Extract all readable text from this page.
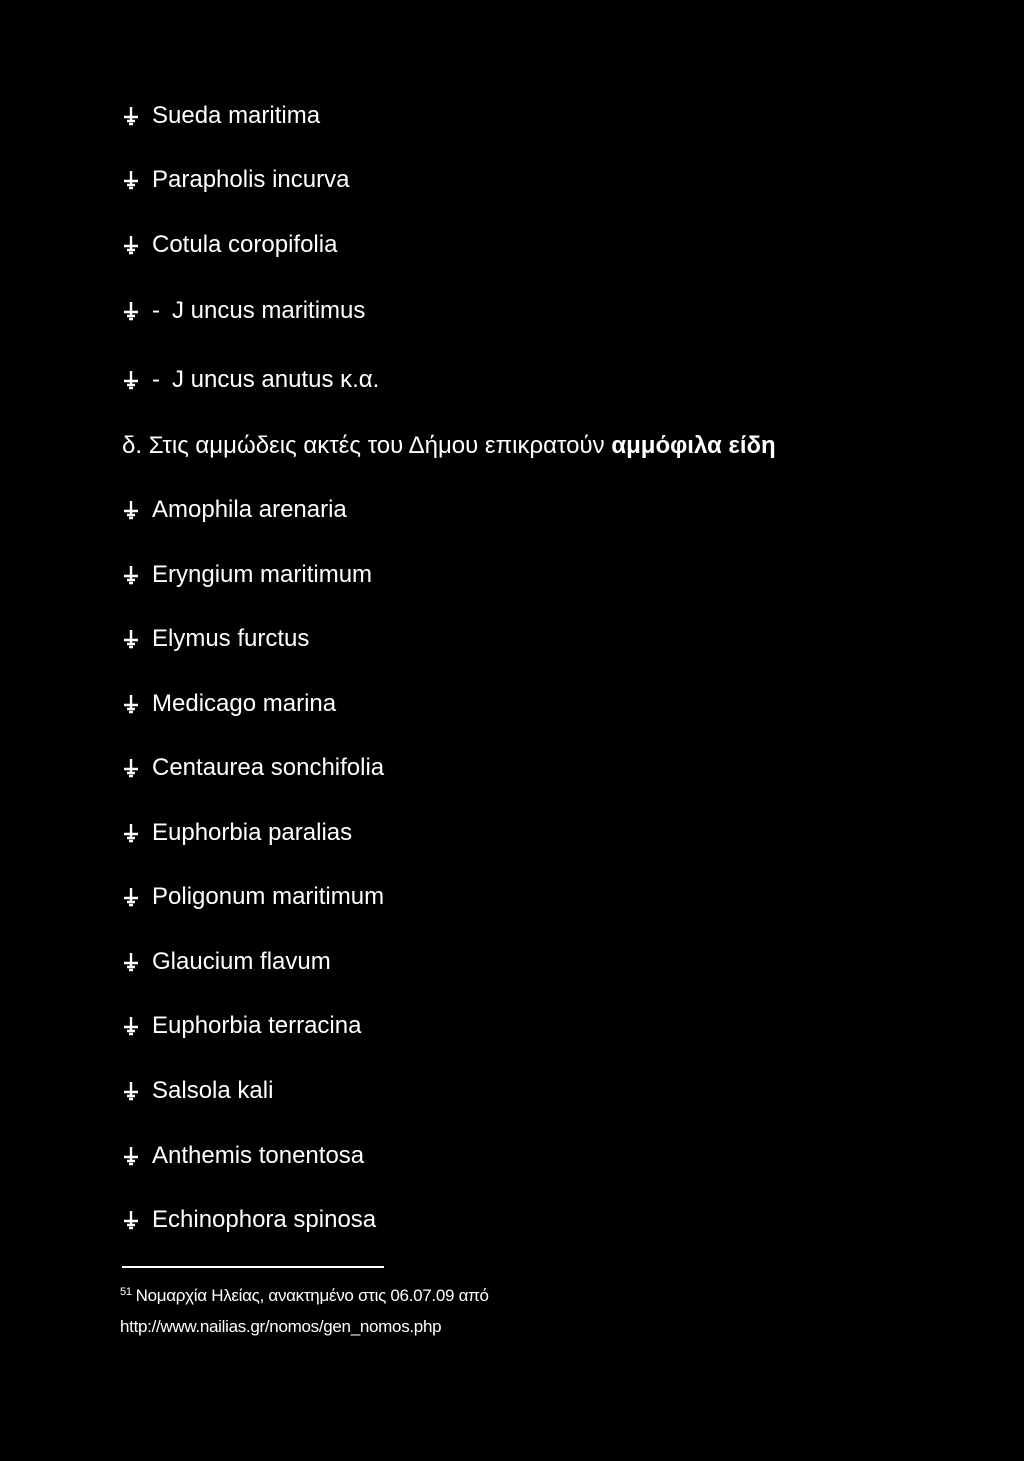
Sueda maritima
Parapholis incurva
Cotula coropifolia
- J uncus maritimus
- J uncus anutus κ.α.
δ. Στις αμμώδεις ακτές του Δήμου επικρατούν αμμόφιλα είδη
Amophila arenaria
Eryngium maritimum
Elymus furctus
Medicago marina
Centaurea sonchifolia
Euphorbia paralias
Poligonum maritimum
Glaucium flavum
Euphorbia terracina
Salsola kali
Anthemis tonentosa
Echinophora spinosa
$^{51}$ Νομαρχία Ηλείας, ανακτημένο στις 06.07.09 από
http://www.nailias.gr/nomos/gen_nomos.php
